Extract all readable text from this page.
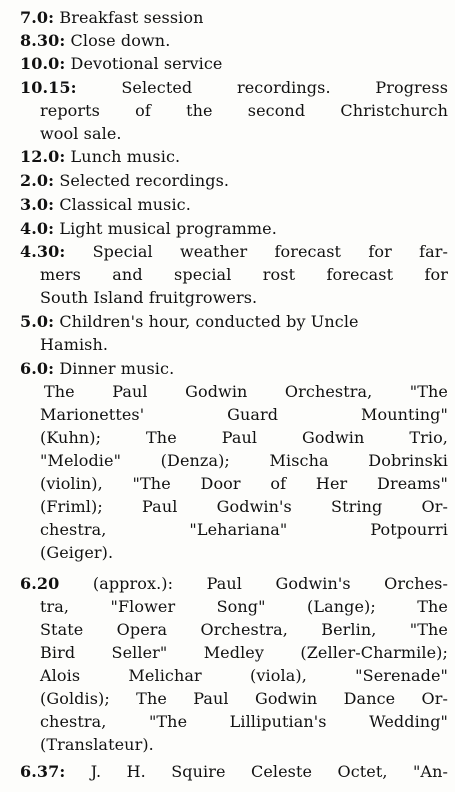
7.0: Breakfast session
8.30: Close down.
10.0: Devotional service
10.15: Selected recordings. Progress
reports of the second Christchurch
wool sale.
12.0: Lunch music.
2.0: Selected recordings.
3.0: Classical music.
4.0: Light musical programme.
4.30: Special weather forecast for far-
mers and special rost forecast for
South Island fruitgrowers.
5.0: Children's hour, conducted by Uncle
Hamish.
6.0: Dinner music.
The Paul Godwin Orchestra, "The
Marionettes' Guard Mounting"
(Kuhn); The Paul Godwin Trio,
"Melodie" (Denza); Mischa Dobrinski
(violin), "The Door of Her Dreams"
(Friml); Paul Godwin's String Or-
chestra, "Lehariana" Potpourri
(Geiger).
6.20 (approx.): Paul Godwin's Orches-
tra, "Flower Song" (Lange); The
State Opera Orchestra, Berlin, "The
Bird Seller" Medley (Zeller-Charmile);
Alois Melichar (viola), "Serenade"
(Goldis); The Paul Godwin Dance Or-
chestra, "The Lilliputian's Wedding"
(Translateur).
6.37: J. H. Squire Celeste Octet, "An-
